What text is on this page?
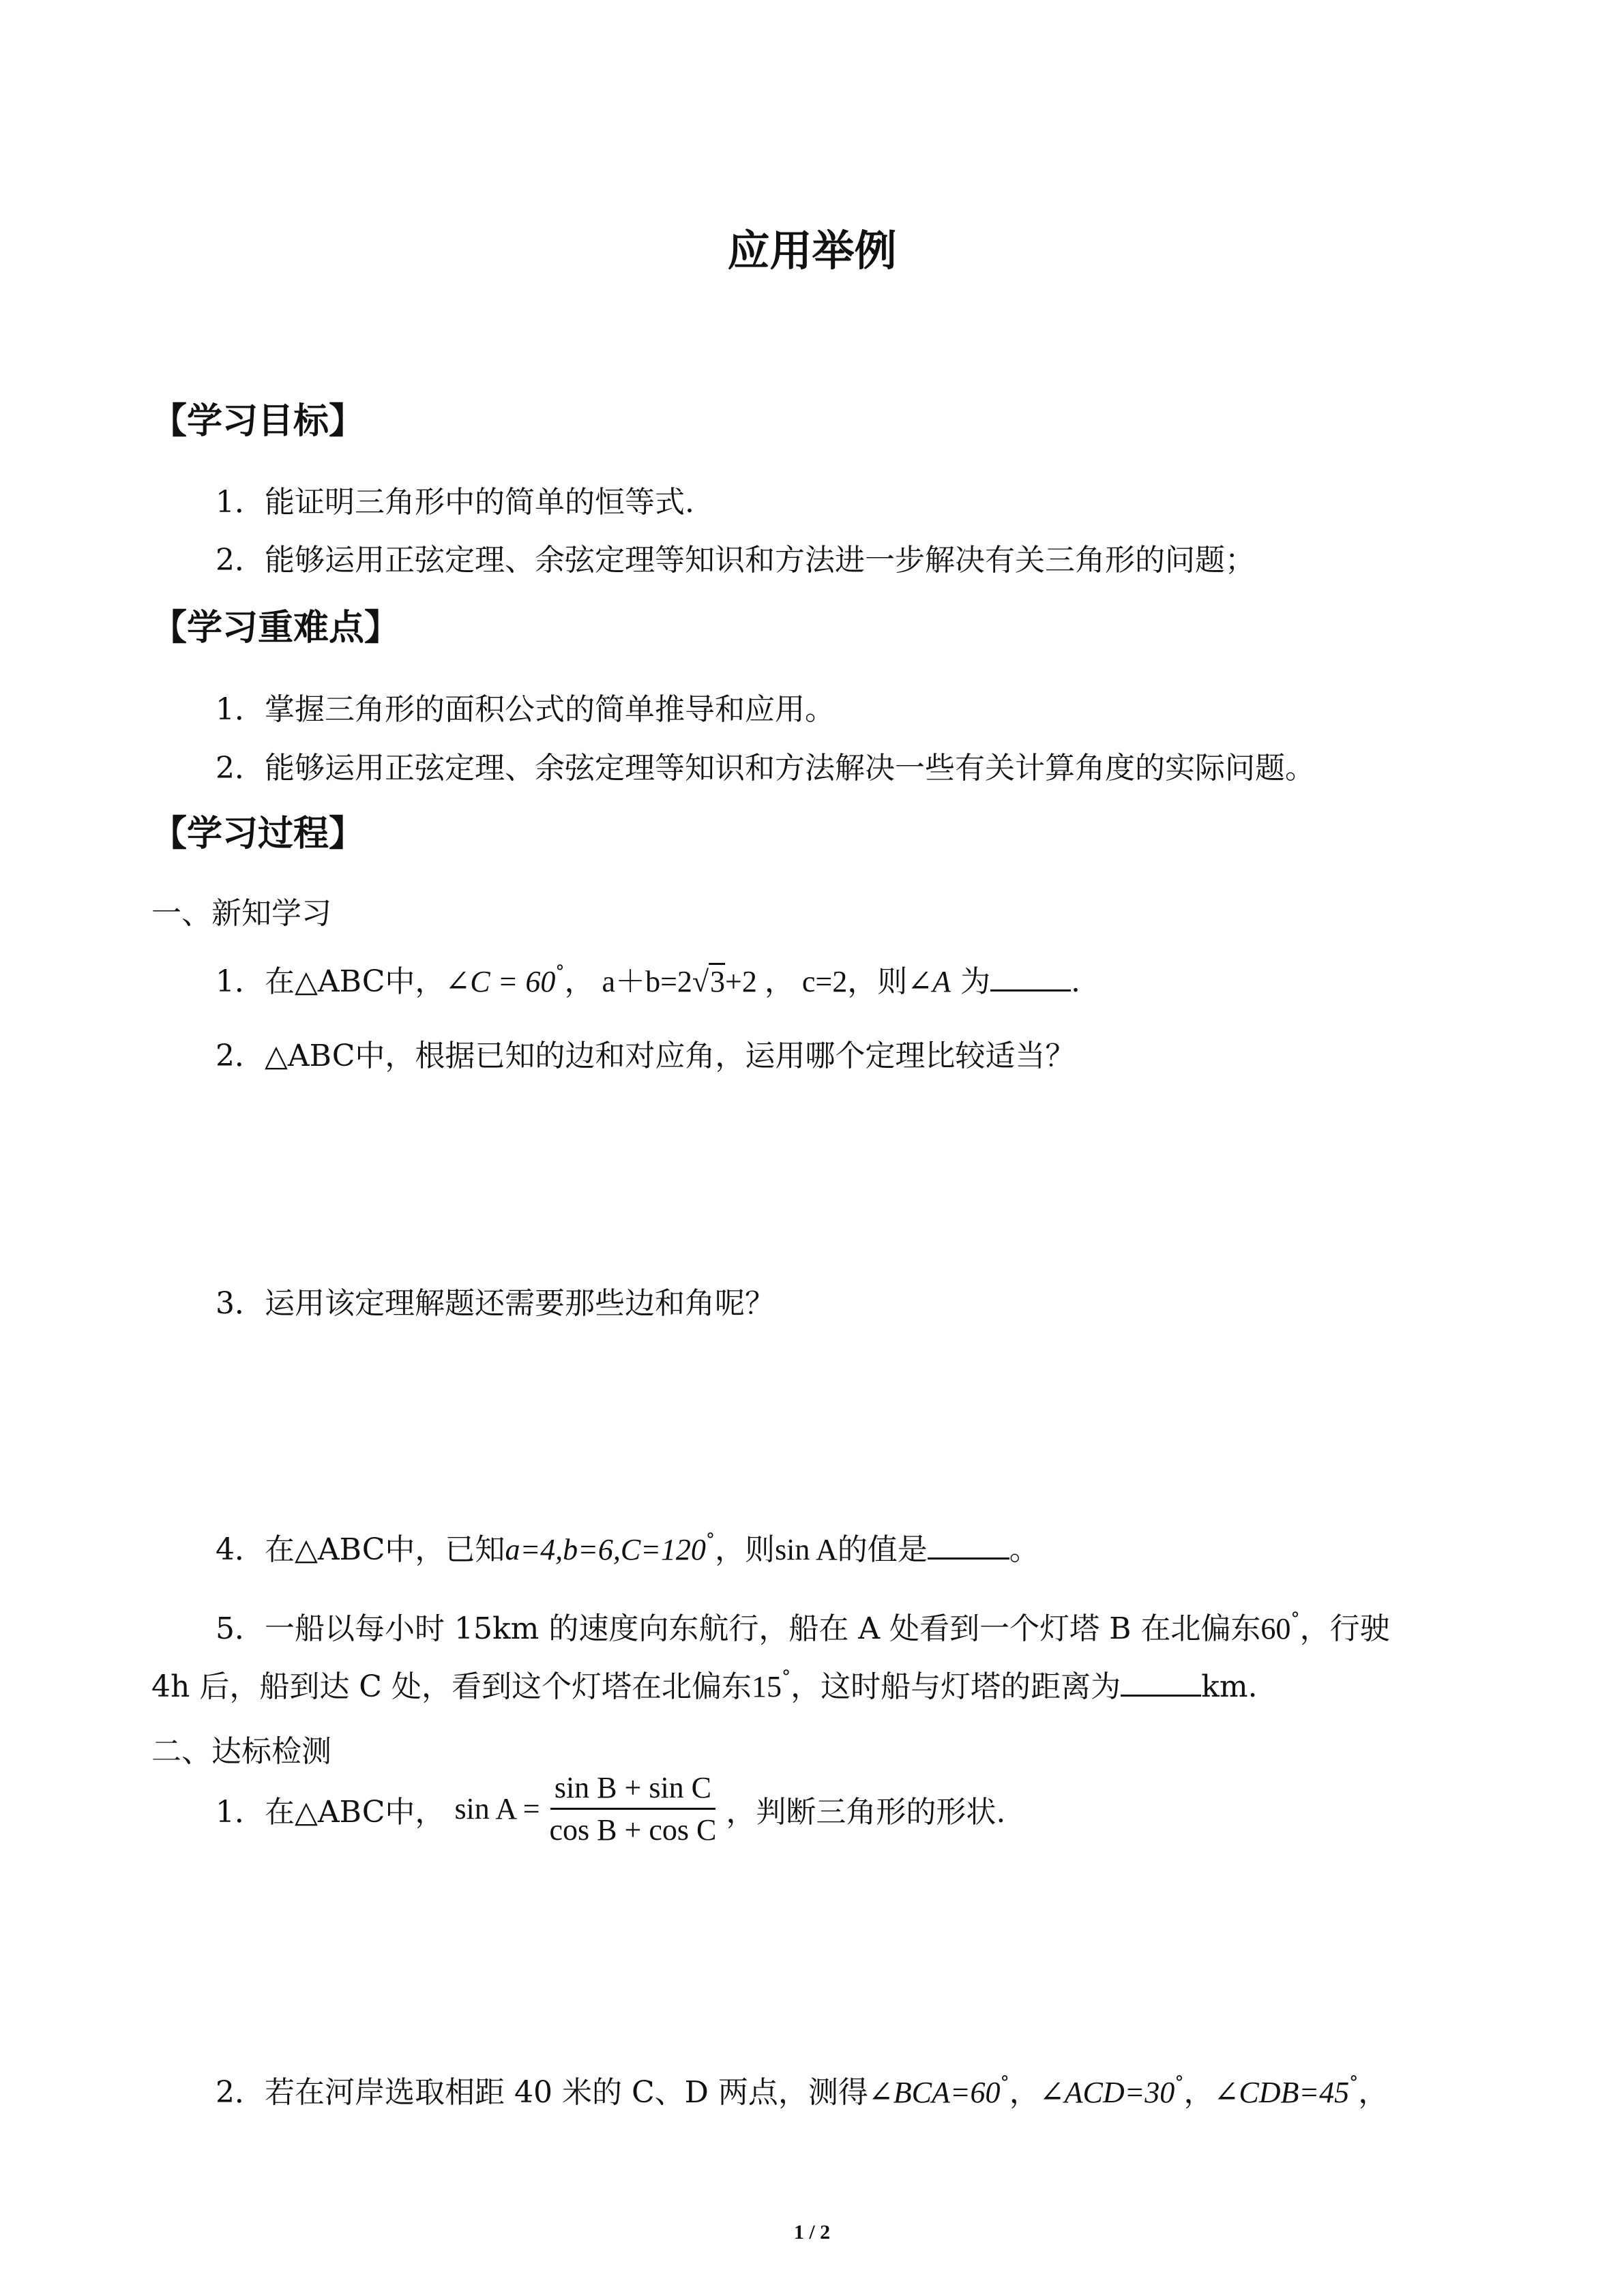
应用举例
【学习目标】
1．能证明三角形中的简单的恒等式.
2．能够运用正弦定理、余弦定理等知识和方法进一步解决有关三角形的问题；
【学习重难点】
1．掌握三角形的面积公式的简单推导和应用。
2．能够运用正弦定理、余弦定理等知识和方法解决一些有关计算角度的实际问题。
【学习过程】
一、新知学习
1．在△ABC中，∠C = 60°， a＋b=2√3+2 ， c=2，则∠A 为	.
2．△ABC中，根据已知的边和对应角，运用哪个定理比较适当？
3．运用该定理解题还需要那些边和角呢？
4．在△ABC中，已知a=4,b=6,C=120°，则sin A的值是	。
5．一船以每小时 15km 的速度向东航行，船在 A 处看到一个灯塔 B 在北偏东60°，行驶
4h 后，船到达 C 处，看到这个灯塔在北偏东15°，这时船与灯塔的距离为	km.
二、达标检测
1． 在△ABC中， $\sin A = \frac{\text{sin B + sin C}}{\text{cos B + cos C}}$ ，判断三角形的形状.
2．若在河岸选取相距 40 米的 C、D 两点，测得∠BCA=60°，∠ACD=30°，∠CDB=45°，
1 / 2
